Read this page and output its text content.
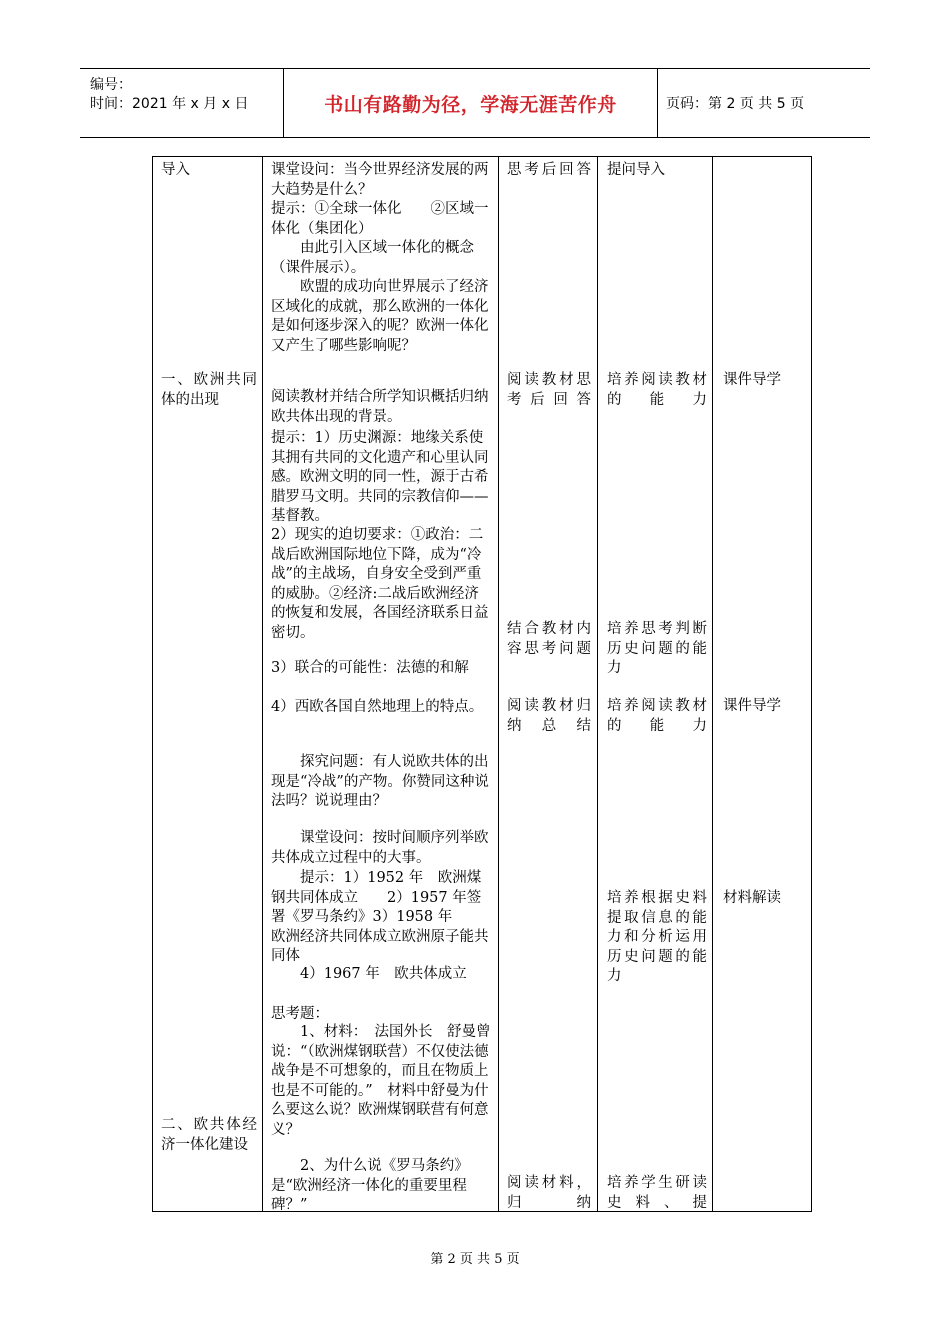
编号：
时间：2021 年 x 月 x 日	书山有路勤为径，学海无涯苦作舟	页码：第 2 页 共 5 页
导入
一、欧洲共同体的出现
二、欧共体经济一体化建设
课堂设问：当今世界经济发展的两大趋势是什么？
提示：①全球一体化　　②区域一体化（集团化）
　　由此引入区域一体化的概念（课件展示）。
　　欧盟的成功向世界展示了经济区域化的成就，那么欧洲的一体化是如何逐步深入的呢？欧洲一体化又产生了哪些影响呢？
阅读教材并结合所学知识概括归纳欧共体出现的背景。
提示：1）历史渊源：地缘关系使其拥有共同的文化遗产和心里认同感。欧洲文明的同一性，源于古希腊罗马文明。共同的宗教信仰——基督教。
2）现实的迫切要求：①政治：二战后欧洲国际地位下降，成为“冷战”的主战场，自身安全受到严重的威胁。②经济:二战后欧洲经济的恢复和发展，各国经济联系日益密切。
3）联合的可能性：法德的和解
4）西欧各国自然地理上的特点。
　　探究问题：有人说欧共体的出现是“冷战”的产物。你赞同这种说法吗？说说理由？
　　课堂设问：按时间顺序列举欧共体成立过程中的大事。
　　提示：1）1952 年　欧洲煤钢共同体成立　　2）1957 年签署《罗马条约》3）1958 年　　欧洲经济共同体成立欧洲原子能共同体
　　4）1967 年　欧共体成立
思考题：
　　1、材料：　法国外长　舒曼曾说：“（欧洲煤钢联营）不仅使法德战争是不可想象的，而且在物质上也是不可能的。”　材料中舒曼为什么要这么说？欧洲煤钢联营有何意义？
　　2、为什么说《罗马条约》是“欧洲经济一体化的重要里程碑？”
思考后回答
阅读教材思考后回答
结合教材内容思考问题
阅读教材归纳总结
阅读材料，归纳
提问导入
培养阅读教材的能力
培养思考判断历史问题的能力
培养阅读教材的能力
培养根据史料提取信息的能力和分析运用历史问题的能力
培养学生研读史料、提
课件导学
课件导学
材料解读
第 2 页 共 5 页
